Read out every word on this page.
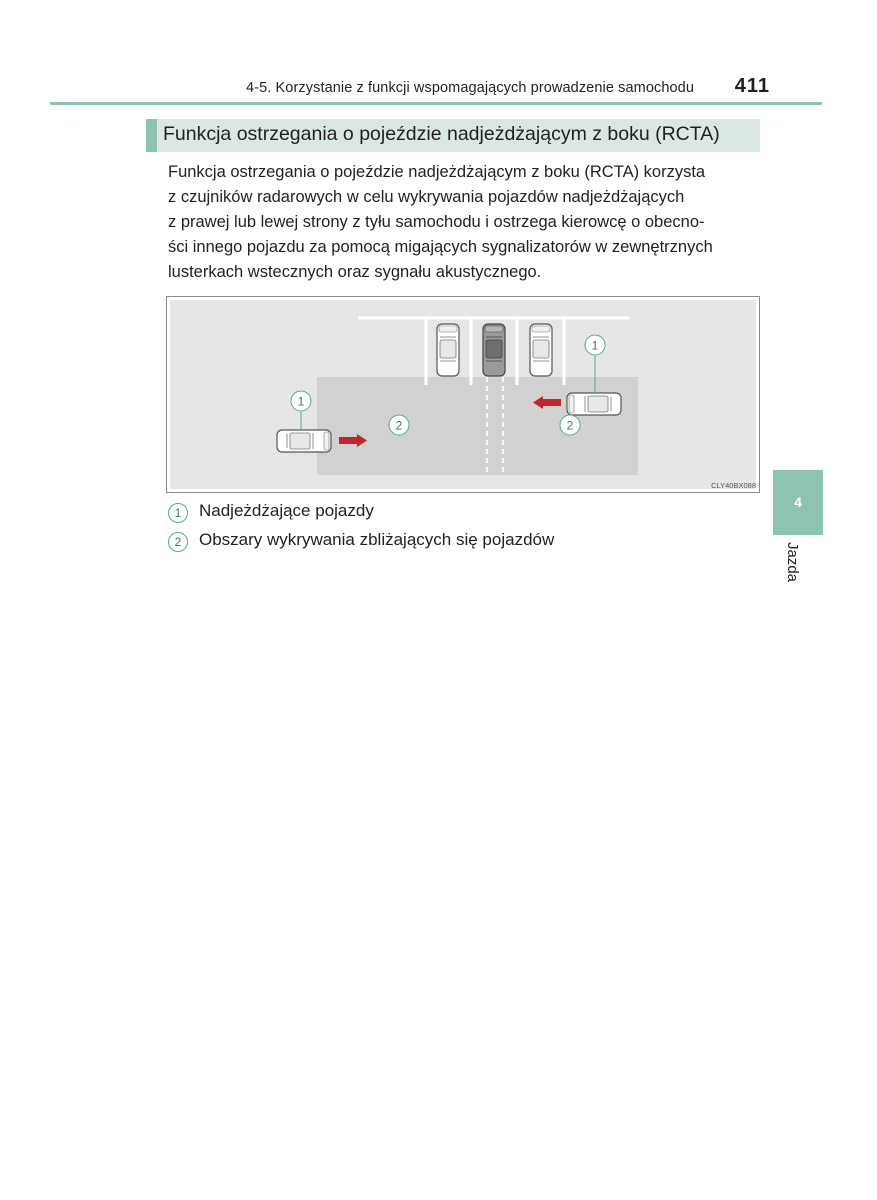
4-5. Korzystanie z funkcji wspomagających prowadzenie samochodu 411
Funkcja ostrzegania o pojeździe nadjeżdżającym z boku (RCTA)
Funkcja ostrzegania o pojeździe nadjeżdżającym z boku (RCTA) korzysta
z czujników radarowych w celu wykrywania pojazdów nadjeżdżających
z prawej lub lewej strony z tyłu samochodu i ostrzega kierowcę o obecno-
ści innego pojazdu za pomocą migających sygnalizatorów w zewnętrznych
lusterkach wstecznych oraz sygnału akustycznego.
1
1
2	2
CLY40BX088
1	Nadjeżdżające pojazdy
2	Obszary wykrywania zbliżających się pojazdów
4
Jazda
